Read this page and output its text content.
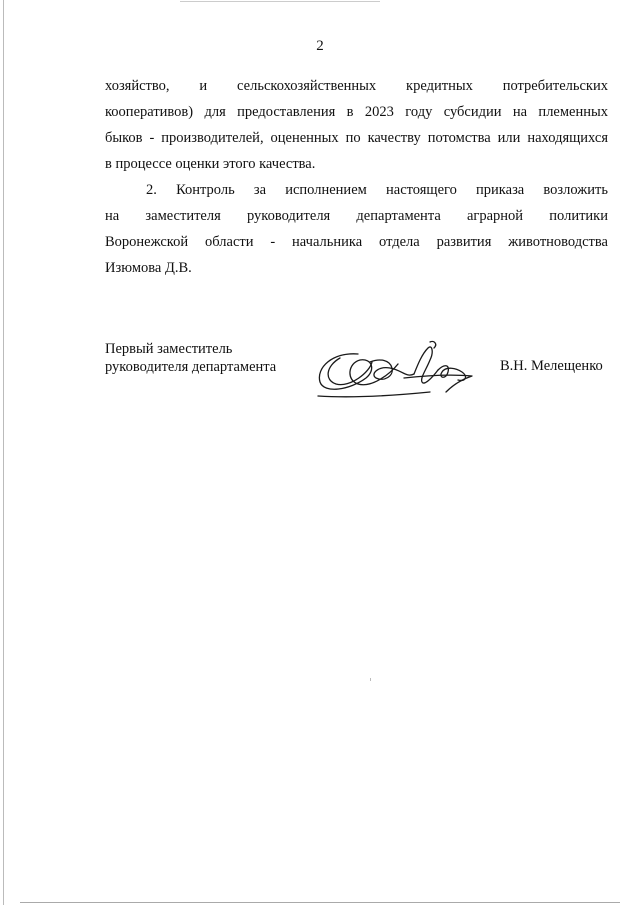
2
хозяйство, и сельскохозяйственных кредитных потребительских
кооперативов) для предоставления в 2023 году субсидии на племенных
быков - производителей, оцененных по качеству потомства или находящихся
в процессе оценки этого качества.
2. Контроль за исполнением настоящего приказа возложить
на заместителя руководителя департамента аграрной политики
Воронежской области - начальника отдела развития животноводства
Изюмова Д.В.
Первый заместитель
руководителя департамента	В.Н. Мелещенко
